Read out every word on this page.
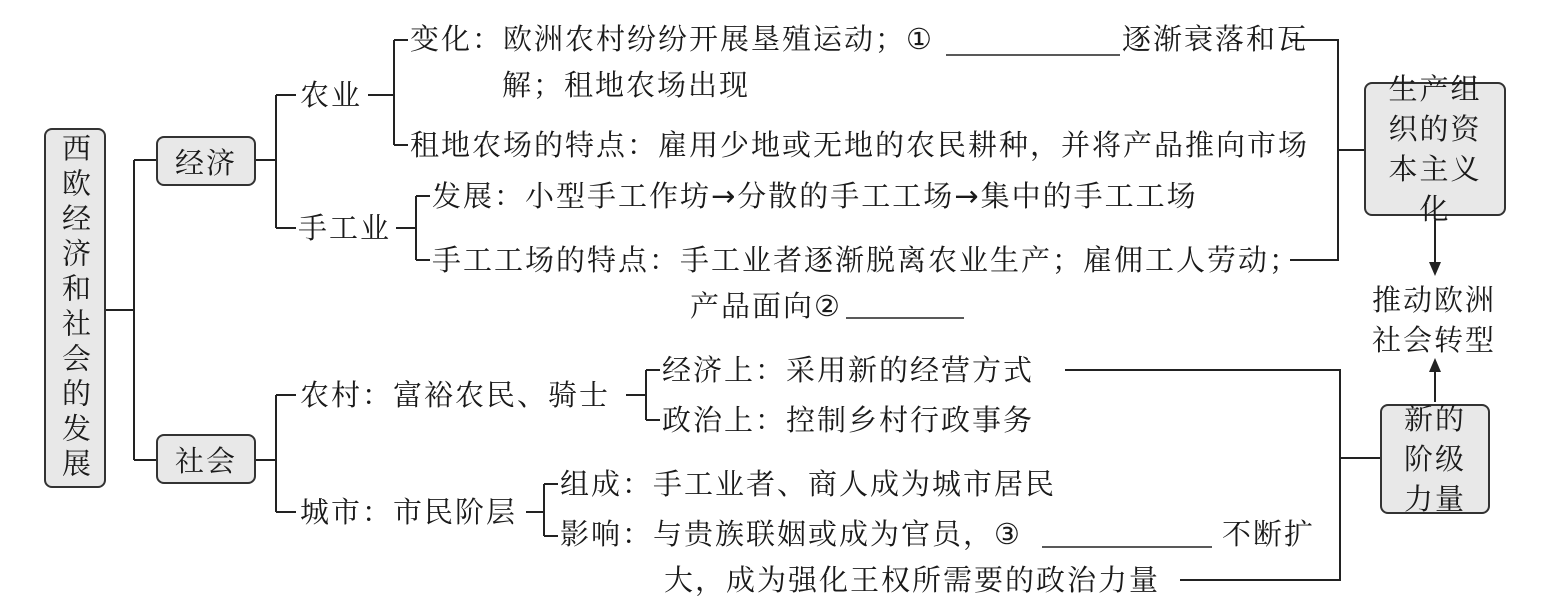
西欧经济和社会的发展	经济
社会
农业
变化：欧洲农村纷纷开展垦殖运动；①	逐渐衰落和瓦
解；租地农场出现
租地农场的特点：雇用少地或无地的农民耕种，并将产品推向市场
手工业
发展：小型手工作坊→分散的手工工场→集中的手工工场
手工工场的特点：手工业者逐渐脱离农业生产；雇佣工人劳动；
产品面向②
农村：富裕农民、骑士
经济上：采用新的经营方式
政治上：控制乡村行政事务
城市：市民阶层
组成：手工业者、商人成为城市居民
影响：与贵族联姻或成为官员，③	不断扩
大，成为强化王权所需要的政治力量
生产组织的资本主义化
推动欧洲社会转型
新的阶级力量
